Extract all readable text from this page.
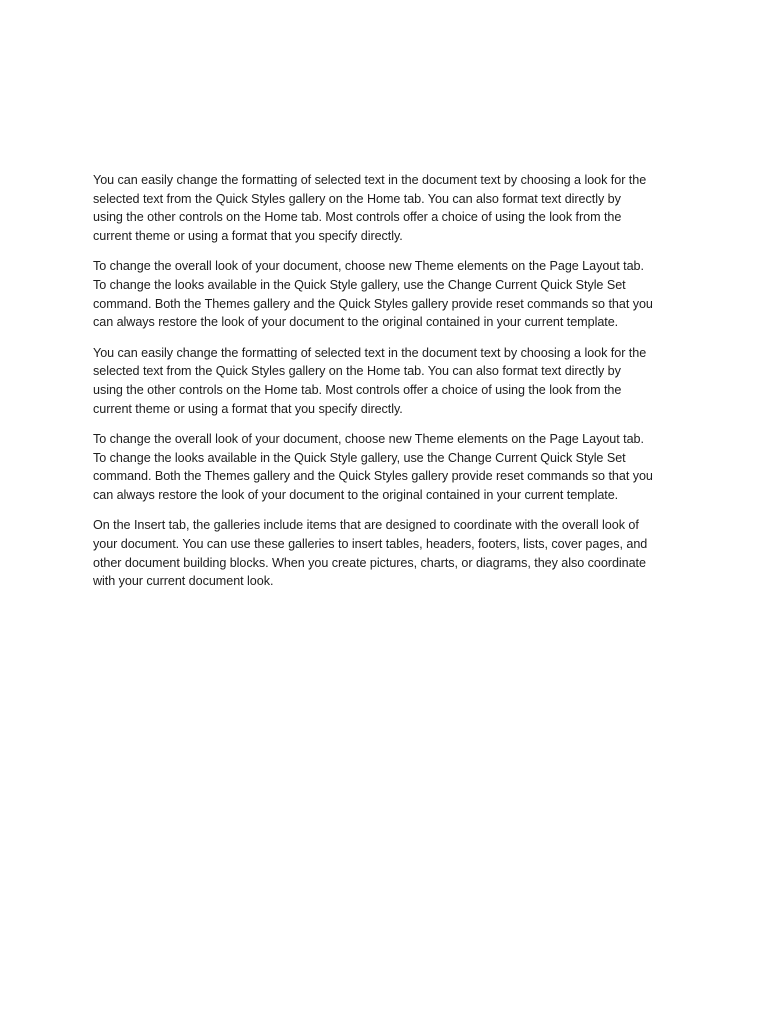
You can easily change the formatting of selected text in the document text by choosing a look for the
selected text from the Quick Styles gallery on the Home tab. You can also format text directly by
using the other controls on the Home tab. Most controls offer a choice of using the look from the
current theme or using a format that you specify directly.

To change the overall look of your document, choose new Theme elements on the Page Layout tab.
To change the looks available in the Quick Style gallery, use the Change Current Quick Style Set
command. Both the Themes gallery and the Quick Styles gallery provide reset commands so that you
can always restore the look of your document to the original contained in your current template.

You can easily change the formatting of selected text in the document text by choosing a look for the
selected text from the Quick Styles gallery on the Home tab. You can also format text directly by
using the other controls on the Home tab. Most controls offer a choice of using the look from the
current theme or using a format that you specify directly.

To change the overall look of your document, choose new Theme elements on the Page Layout tab.
To change the looks available in the Quick Style gallery, use the Change Current Quick Style Set
command. Both the Themes gallery and the Quick Styles gallery provide reset commands so that you
can always restore the look of your document to the original contained in your current template.

On the Insert tab, the galleries include items that are designed to coordinate with the overall look of
your document. You can use these galleries to insert tables, headers, footers, lists, cover pages, and
other document building blocks. When you create pictures, charts, or diagrams, they also coordinate
with your current document look.
